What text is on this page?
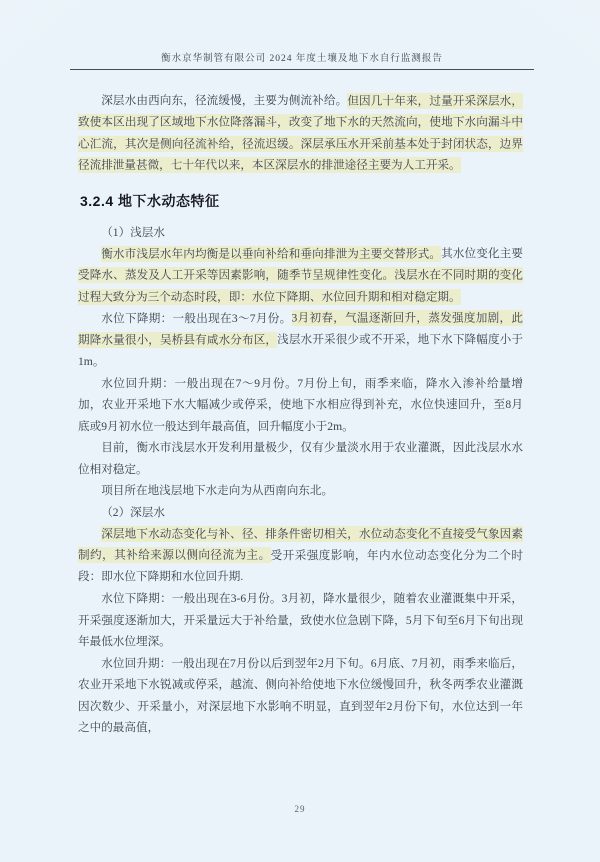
衡水京华制管有限公司 2024 年度土壤及地下水自行监测报告

深层水由西向东，径流缓慢，主要为侧流补给。但因几十年来，过量开采深层水，致使本区出现了区域地下水位降落漏斗，改变了地下水的天然流向，使地下水向漏斗中心汇流，其次是侧向径流补给，径流迟缓。深层承压水开采前基本处于封闭状态，边界径流排泄量甚微，七十年代以来，本区深层水的排泄途径主要为人工开采。

3.2.4 地下水动态特征

（1）浅层水

衡水市浅层水年内均衡是以垂向补给和垂向排泄为主要交替形式。其水位变化主要受降水、蒸发及人工开采等因素影响，随季节呈规律性变化。浅层水在不同时期的变化过程大致分为三个动态时段，即：水位下降期、水位回升期和相对稳定期。

水位下降期：一般出现在3～7月份。3月初春，气温逐渐回升，蒸发强度加剧，此期降水量很小，吴桥县有咸水分布区，浅层水开采很少或不开采，地下水下降幅度小于1m。

水位回升期：一般出现在7～9月份。7月份上旬，雨季来临，降水入渗补给量增加，农业开采地下水大幅减少或停采，使地下水相应得到补充，水位快速回升，至8月底或9月初水位一般达到年最高值，回升幅度小于2m。

目前，衡水市浅层水开发利用量极少，仅有少量淡水用于农业灌溉，因此浅层水水位相对稳定。

项目所在地浅层地下水走向为从西南向东北。

（2）深层水

深层地下水动态变化与补、径、排条件密切相关，水位动态变化不直接受气象因素制约，其补给来源以侧向径流为主。受开采强度影响，年内水位动态变化分为二个时段：即水位下降期和水位回升期.

水位下降期：一般出现在3-6月份。3月初，降水量很少，随着农业灌溉集中开采，开采强度逐渐加大，开采量远大于补给量，致使水位急剧下降，5月下旬至6月下旬出现年最低水位埋深。

水位回升期：一般出现在7月份以后到翌年2月下旬。6月底、7月初，雨季来临后，农业开采地下水锐减或停采，越流、侧向补给使地下水位缓慢回升，秋冬两季农业灌溉因次数少、开采量小，对深层地下水影响不明显，直到翌年2月份下旬，水位达到一年之中的最高值，

29
